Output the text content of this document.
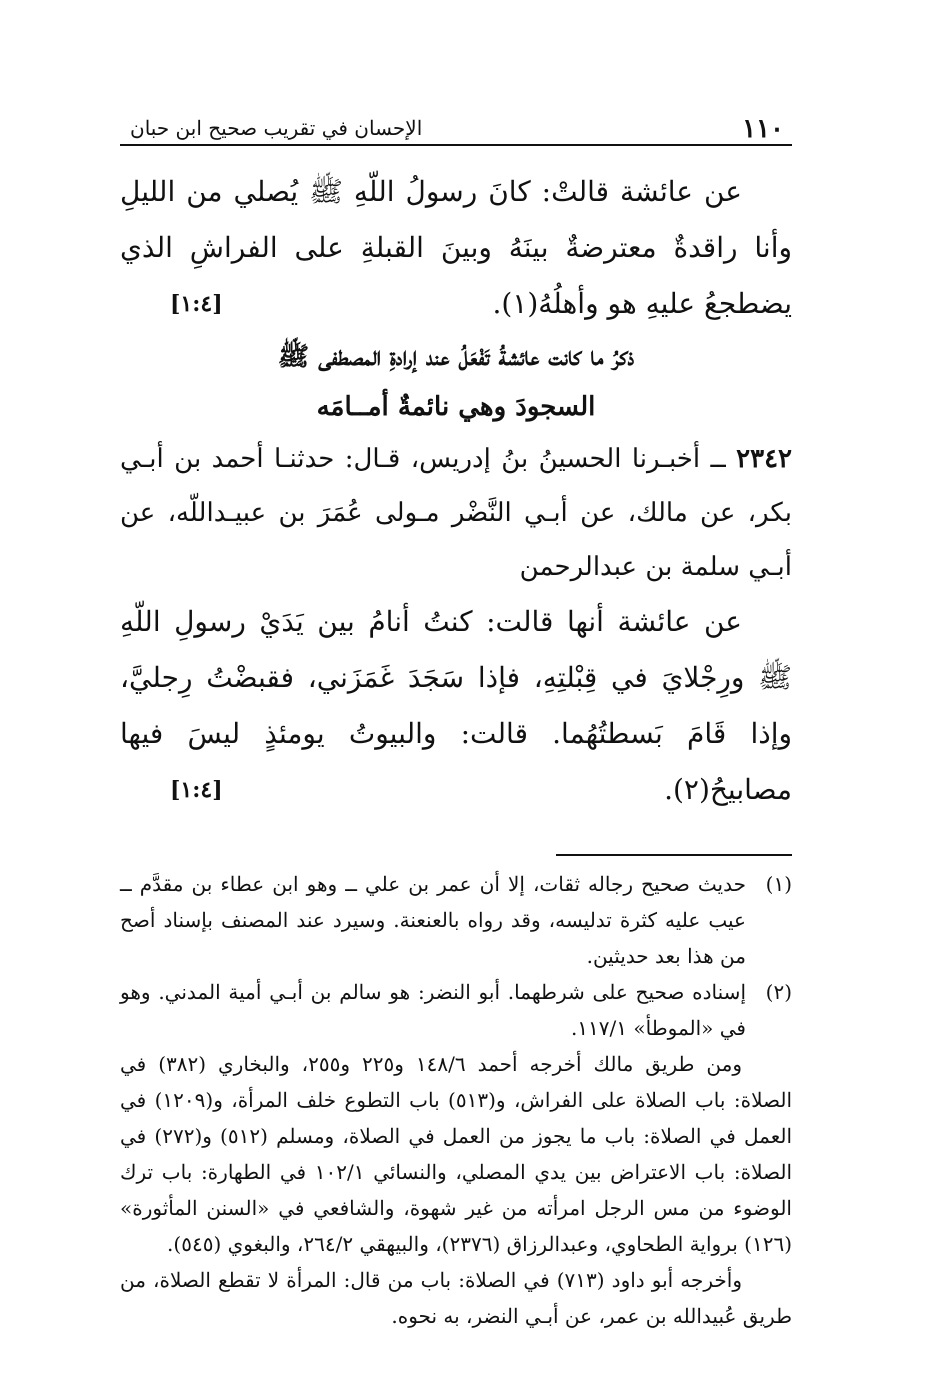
١١٠
الإحسان في تقريب صحيح ابن حبان

عن عائشة قالتْ: كانَ رسولُ اللّهِ ﷺ يُصلي من الليلِ وأنا راقدةٌ معترضةٌ بينَهُ وبينَ القبلةِ على الفراشِ الذي يضطجعُ عليهِ هو وأهلُهُ(١).
[١:٤]

ذكرُ ما كانت عائشةُ تَفْعَلُ عند إرادةِ المصطفى ﷺ

السجودَ وهي نائمةٌ أمــامَه

٢٣٤٢ ــ أخبـرنا الحسينُ بنُ إدريس، قـال: حدثنـا أحمد بن أبـي بكر، عن مالك، عن أبـي النَّضْر مـولى عُمَرَ بن عبيـداللّه، عن أبـي سلمة بن عبدالرحمن

عن عائشة أنها قالت: كنتُ أنامُ بين يَدَيْ رسولِ اللّهِ ﷺ ورِجْلايَ في قِبْلتِهِ، فإذا سَجَدَ غَمَزَني، فقبضْتُ رِجليَّ، وإذا قَامَ بَسطتُهُما. قالت: والبيوتُ يومئذٍ ليسَ فيها مصابيحُ(٢).
[١:٤]

(١)
حديث صحيح رجاله ثقات، إلا أن عمر بن علي ــ وهو ابن عطاء بن مقدَّم ــ عيب عليه كثرة تدليسه، وقد رواه بالعنعنة. وسيرد عند المصنف بإسناد أصح من هذا بعد حديثين.

(٢)
إسناده صحيح على شرطهما. أبو النضر: هو سالم بن أبـي أمية المدني. وهو في «الموطأ» ١١٧/١.

ومن طريق مالك أخرجه أحمد ١٤٨/٦ و٢٢٥ و٢٥٥، والبخاري (٣٨٢) في الصلاة: باب الصلاة على الفراش، و(٥١٣) باب التطوع خلف المرأة، و(١٢٠٩) في العمل في الصلاة: باب ما يجوز من العمل في الصلاة، ومسلم (٥١٢) و(٢٧٢) في الصلاة: باب الاعتراض بين يدي المصلي، والنسائي ١٠٢/١ في الطهارة: باب ترك الوضوء من مس الرجل امرأته من غير شهوة، والشافعي في «السنن المأثورة» (١٢٦) برواية الطحاوي، وعبدالرزاق (٢٣٧٦)، والبيهقي ٢٦٤/٢، والبغوي (٥٤٥).

وأخرجه أبو داود (٧١٣) في الصلاة: باب من قال: المرأة لا تقطع الصلاة، من طريق عُبيدالله بن عمر، عن أبـي النضر، به نحوه.
